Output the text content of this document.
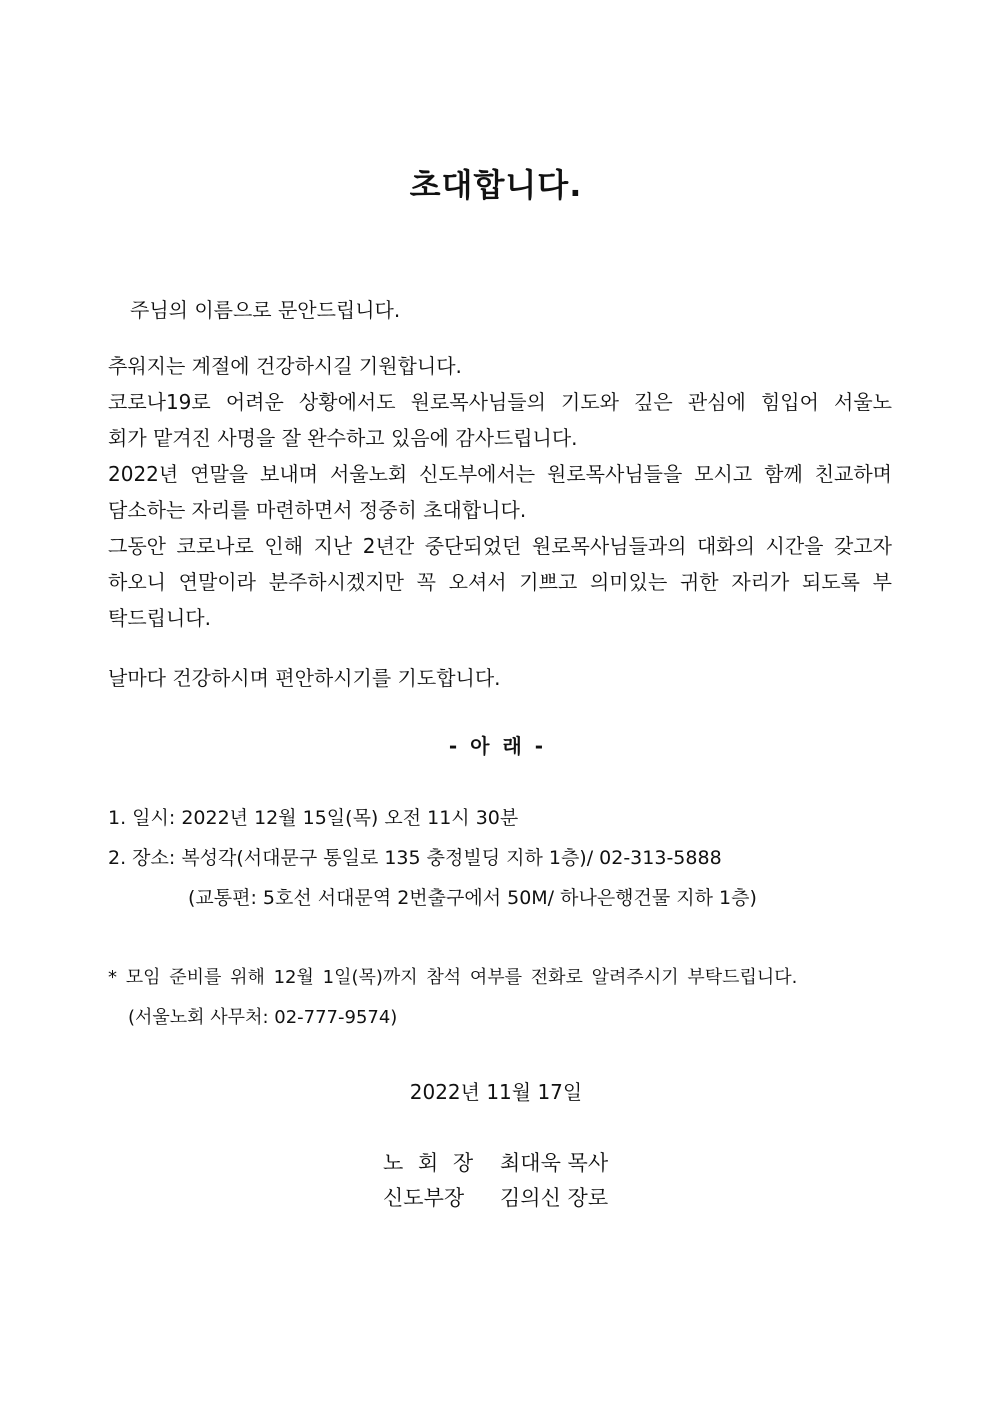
초대합니다.
주님의 이름으로 문안드립니다.
추워지는 계절에 건강하시길 기원합니다.
코로나19로 어려운 상황에서도 원로목사님들의 기도와 깊은 관심에 힘입어 서울노
회가 맡겨진 사명을 잘 완수하고 있음에 감사드립니다.
2022년 연말을 보내며 서울노회 신도부에서는 원로목사님들을 모시고 함께 친교하며
담소하는 자리를 마련하면서 정중히 초대합니다.
그동안 코로나로 인해 지난 2년간 중단되었던 원로목사님들과의 대화의 시간을 갖고자
하오니 연말이라 분주하시겠지만 꼭 오셔서 기쁘고 의미있는 귀한 자리가 되도록 부
탁드립니다.
날마다 건강하시며 편안하시기를 기도합니다.
- 아 래 -
1. 일시: 2022년 12월 15일(목) 오전 11시 30분
2. 장소: 복성각(서대문구 통일로 135 충정빌딩 지하 1층)/ 02-313-5888
(교통편: 5호선 서대문역 2번출구에서 50M/ 하나은행건물 지하 1층)
* 모임 준비를 위해 12월 1일(목)까지 참석 여부를 전화로 알려주시기 부탁드립니다.
(서울노회 사무처: 02-777-9574)
2022년 11월 17일
노 회 장 최대욱 목사
신도부장 김의신 장로
